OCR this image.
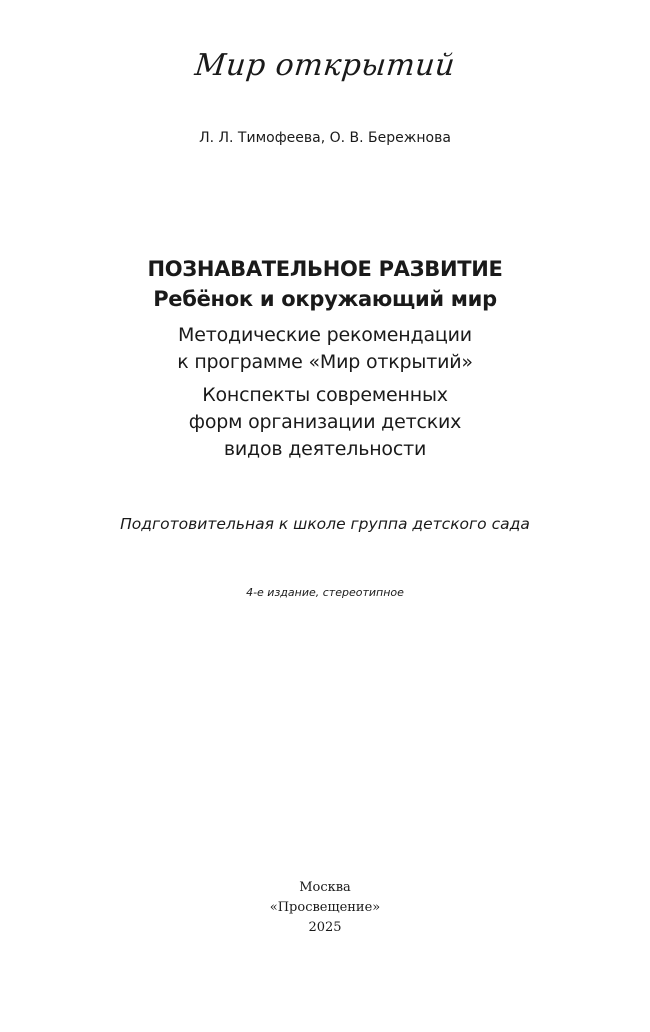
Мир открытий
Л. Л. Тимофеева, О. В. Бережнова
ПОЗНАВАТЕЛЬНОЕ РАЗВИТИЕ
Ребёнок и окружающий мир
Методические рекомендации
к программе «Мир открытий»
Конспекты современных
форм организации детских
видов деятельности
Подготовительная к школе группа детского сада
4-е издание, стереотипное
Москва
«Просвещение»
2025
